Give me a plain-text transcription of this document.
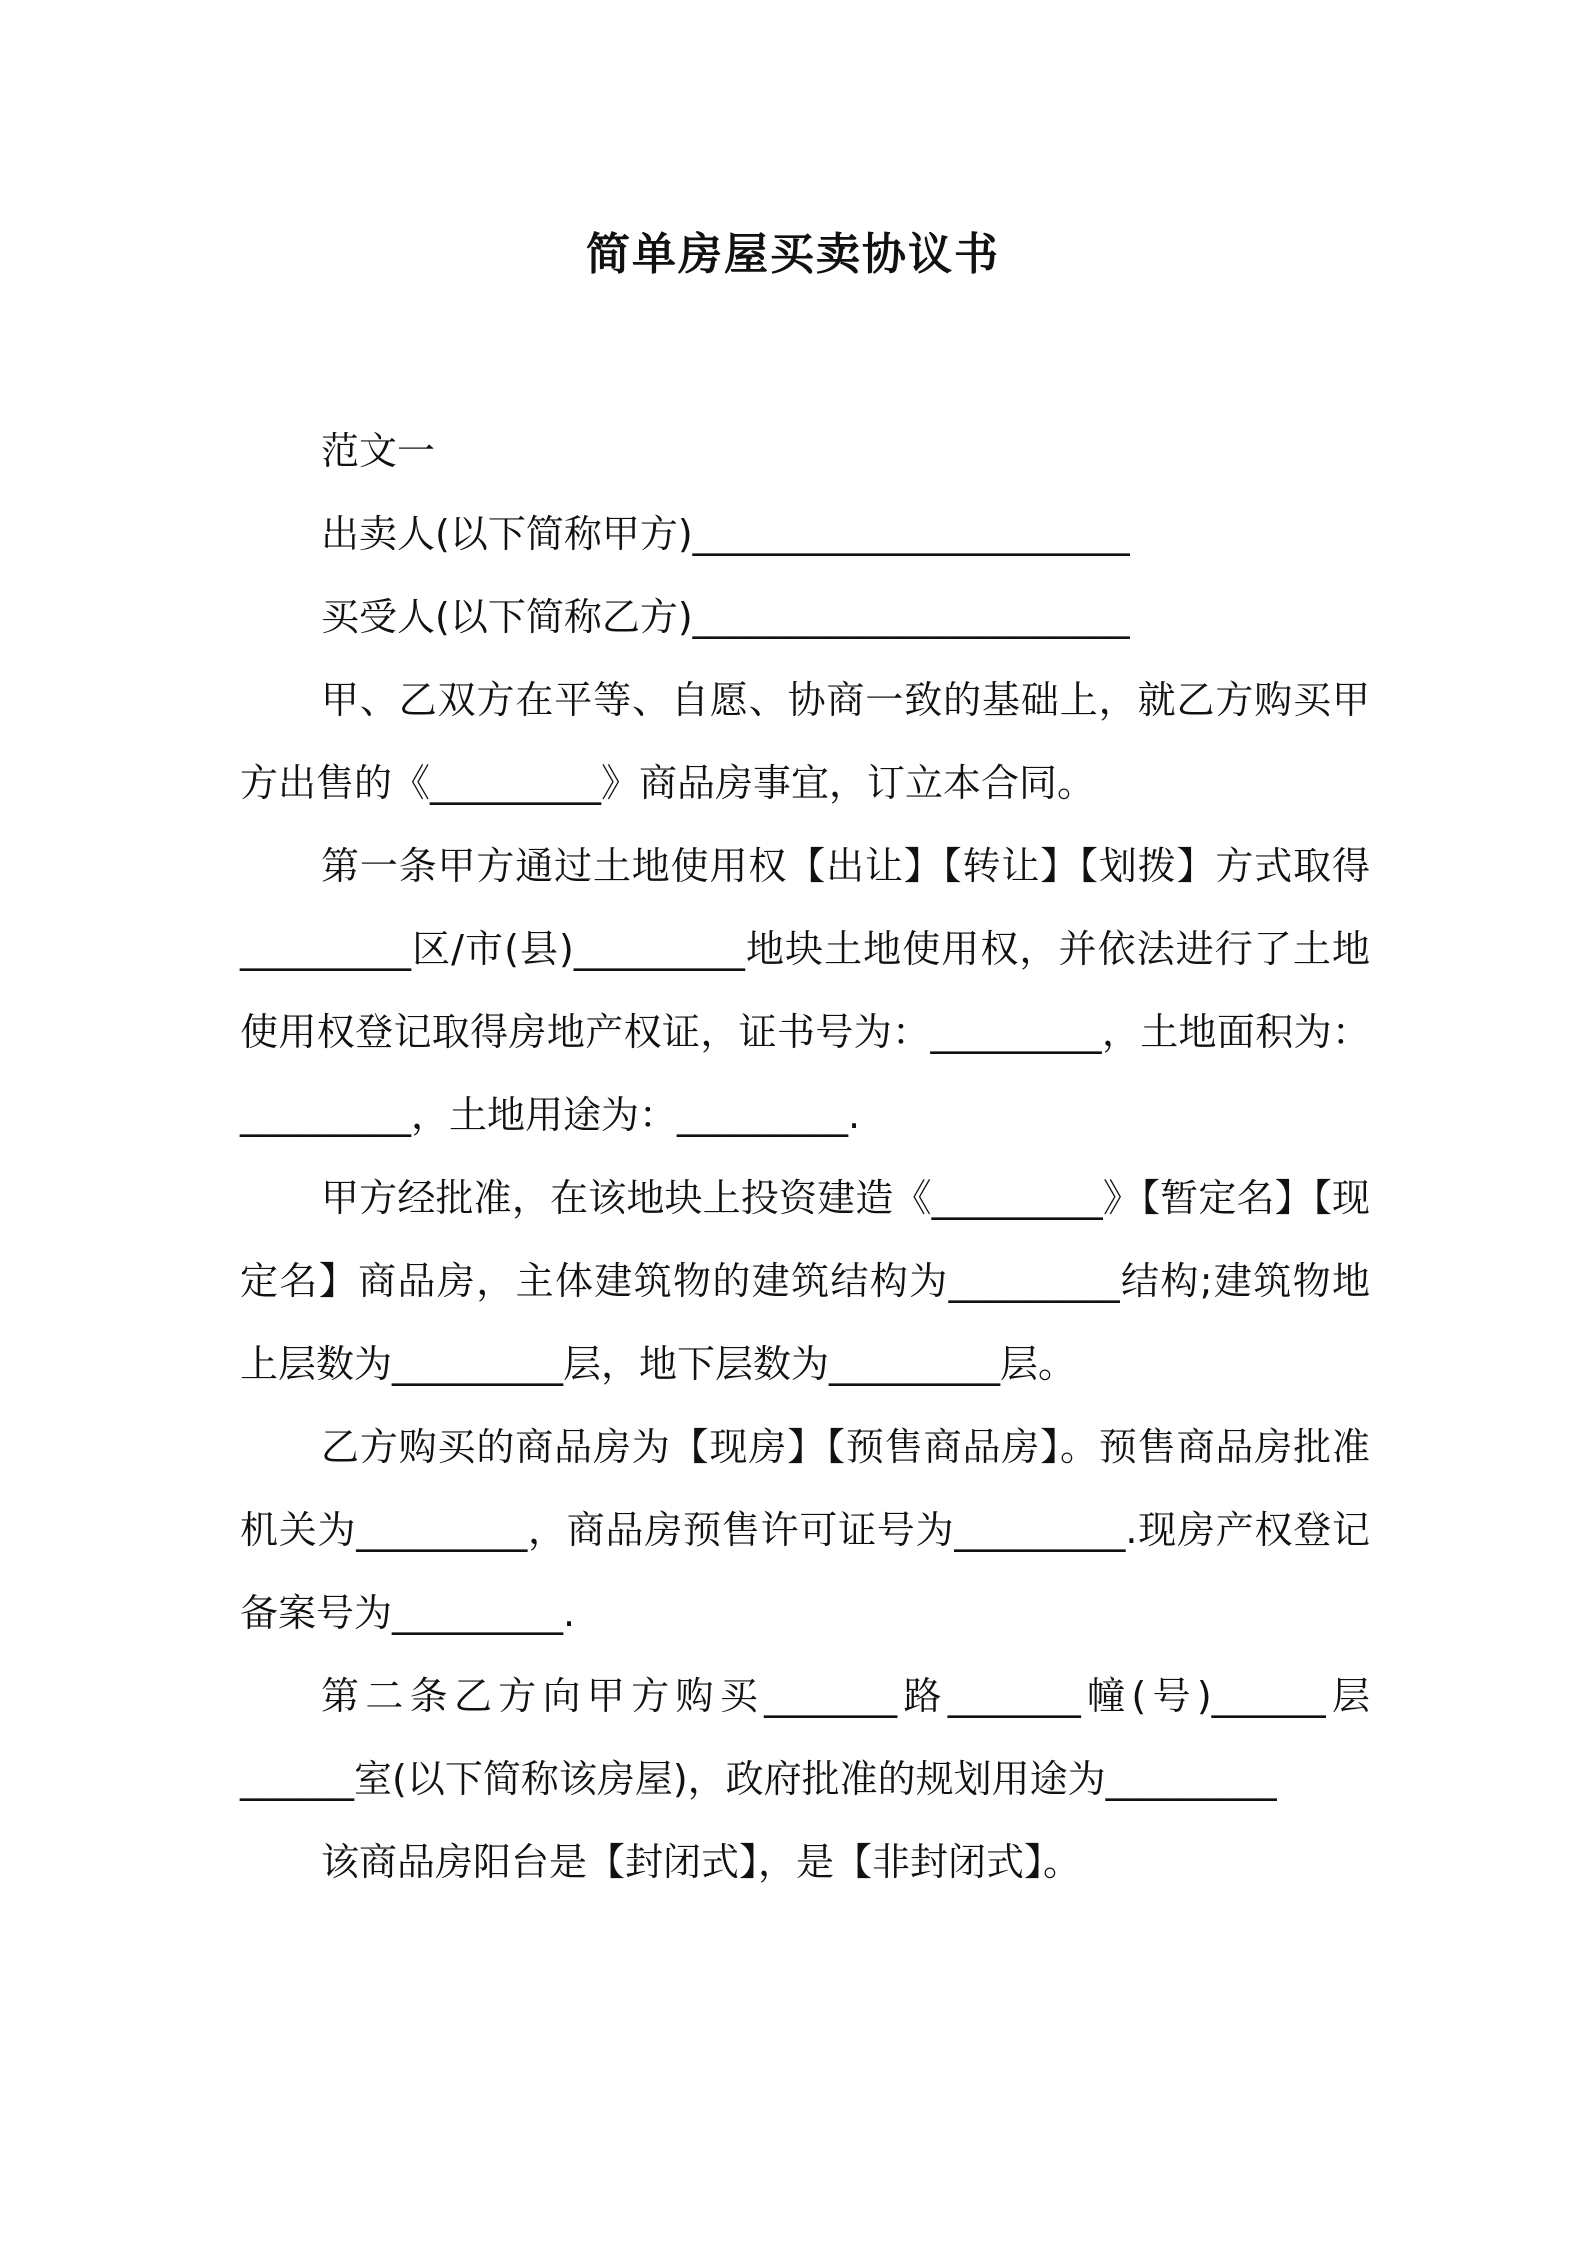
简单房屋买卖协议书

范文一

出卖人(以下简称甲方)_______________________

买受人(以下简称乙方)_______________________

甲、乙双方在平等、自愿、协商一致的基础上，就乙方购买甲方出售的《_________》商品房事宜，订立本合同。

第一条甲方通过土地使用权【出让】【转让】【划拨】方式取得_________区/市(县)_________地块土地使用权，并依法进行了土地使用权登记取得房地产权证，证书号为：_________，土地面积为：_________，土地用途为：_________.

甲方经批准，在该地块上投资建造《_________》【暂定名】【现定名】商品房，主体建筑物的建筑结构为_________结构;建筑物地上层数为_________层，地下层数为_________层。

乙方购买的商品房为【现房】【预售商品房】。预售商品房批准机关为_________，商品房预售许可证号为_________.现房产权登记备案号为_________.

第二条乙方向甲方购买_______路_______幢(号)______层______室(以下简称该房屋)，政府批准的规划用途为_________

该商品房阳台是【封闭式】，是【非封闭式】。
